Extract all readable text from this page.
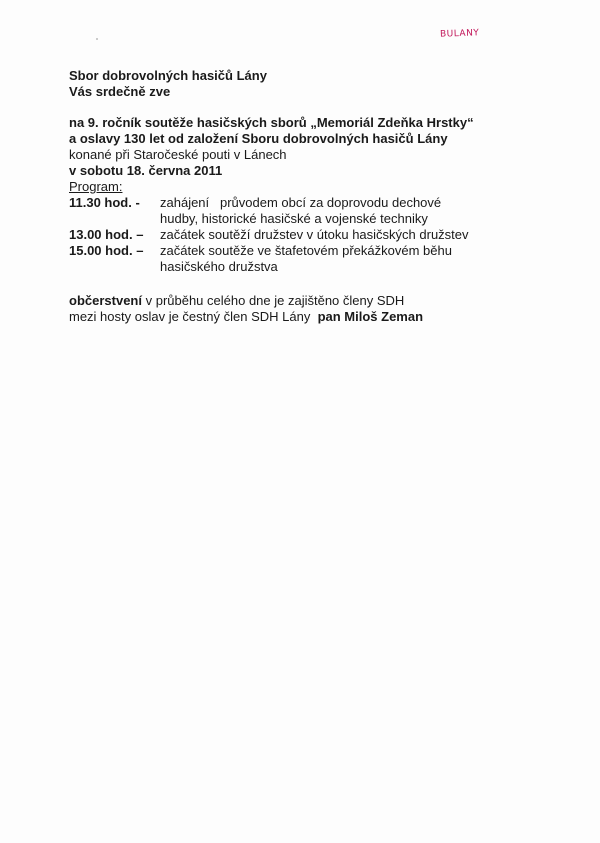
BULANY
Sbor dobrovolných hasičů Lány
Vás srdečně zve
na 9. ročník soutěže hasičských sborů „Memoriál Zdeňka Hrstky“
a oslavy 130 let od založení Sboru dobrovolných hasičů Lány
konané při Staročeské pouti v Lánech
v sobotu 18. června 2011
Program:
11.30 hod. -	zahájení   průvodem obcí za doprovodu dechové
hudby, historické hasičské a vojenské techniky
13.00 hod. –	začátek soutěží družstev v útoku hasičských družstev
15.00 hod. –	začátek soutěže ve štafetovém překážkovém běhu
hasičského družstva
občerstvení v průběhu celého dne je zajištěno členy SDH
mezi hosty oslav je čestný člen SDH Lány  pan Miloš Zeman
